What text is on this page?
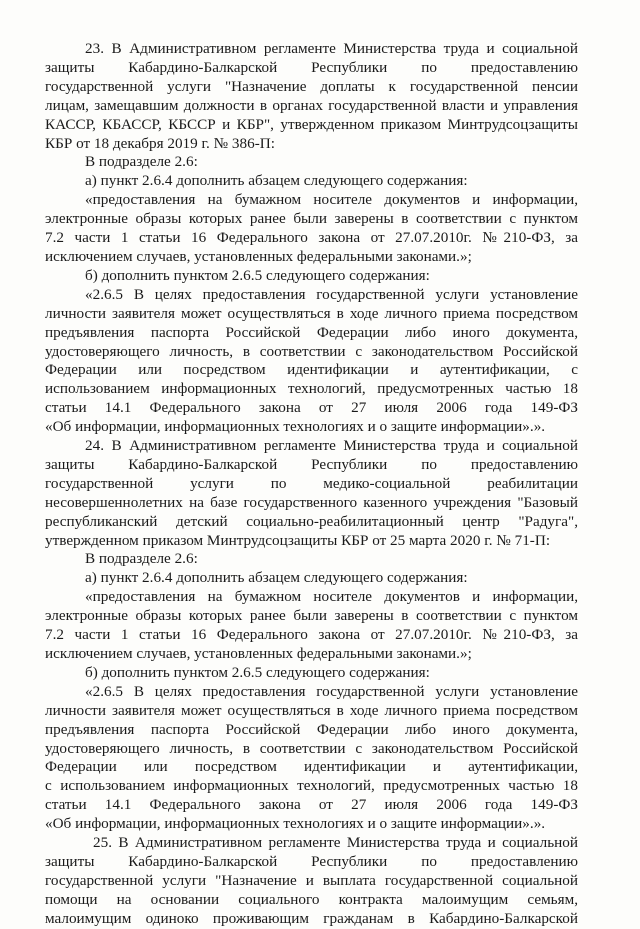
23. В Административном регламенте Министерства труда и социальной
защиты Кабардино-Балкарской Республики по предоставлению
государственной услуги "Назначение доплаты к государственной пенсии
лицам, замещавшим должности в органах государственной власти и управления
КАССР, КБАССР, КБССР и КБР", утвержденном приказом Минтрудсоцзащиты
КБР от 18 декабря 2019 г. № 386-П:
В подразделе 2.6:
а) пункт 2.6.4 дополнить абзацем следующего содержания:
«предоставления на бумажном носителе документов и информации,
электронные образы которых ранее были заверены в соответствии с пунктом
7.2 части 1 статьи 16 Федерального закона от 27.07.2010г. №210-ФЗ, за
исключением случаев, установленных федеральными законами.»;
б) дополнить пунктом 2.6.5 следующего содержания:
«2.6.5 В целях предоставления государственной услуги установление
личности заявителя может осуществляться в ходе личного приема посредством
предъявления паспорта Российской Федерации либо иного документа,
удостоверяющего личность, в соответствии с законодательством Российской
Федерации или посредством идентификации и аутентификации, с
использованием информационных технологий, предусмотренных частью 18
статьи 14.1 Федерального закона от 27 июля 2006 года 149-ФЗ
«Об информации, информационных технологиях и о защите информации».».
24. В Административном регламенте Министерства труда и социальной
защиты Кабардино-Балкарской Республики по предоставлению
государственной услуги по медико-социальной реабилитации
несовершеннолетних на базе государственного казенного учреждения "Базовый
республиканский детский социально-реабилитационный центр "Радуга",
утвержденном приказом Минтрудсоцзащиты КБР от 25 марта 2020 г. № 71-П:
В подразделе 2.6:
а) пункт 2.6.4 дополнить абзацем следующего содержания:
«предоставления на бумажном носителе документов и информации,
электронные образы которых ранее были заверены в соответствии с пунктом
7.2 части 1 статьи 16 Федерального закона от 27.07.2010г. №210-ФЗ, за
исключением случаев, установленных федеральными законами.»;
б) дополнить пунктом 2.6.5 следующего содержания:
«2.6.5 В целях предоставления государственной услуги установление
личности заявителя может осуществляться в ходе личного приема посредством
предъявления паспорта Российской Федерации либо иного документа,
удостоверяющего личность, в соответствии с законодательством Российской
Федерации или посредством идентификации и аутентификации,
с использованием информационных технологий, предусмотренных частью 18
статьи 14.1 Федерального закона от 27 июля 2006 года 149-ФЗ
«Об информации, информационных технологиях и о защите информации».».
25. В Административном регламенте Министерства труда и социальной
защиты Кабардино-Балкарской Республики по предоставлению
государственной услуги "Назначение и выплата государственной социальной
помощи на основании социального контракта малоимущим семьям,
малоимущим одиноко проживающим гражданам в Кабардино-Балкарской
